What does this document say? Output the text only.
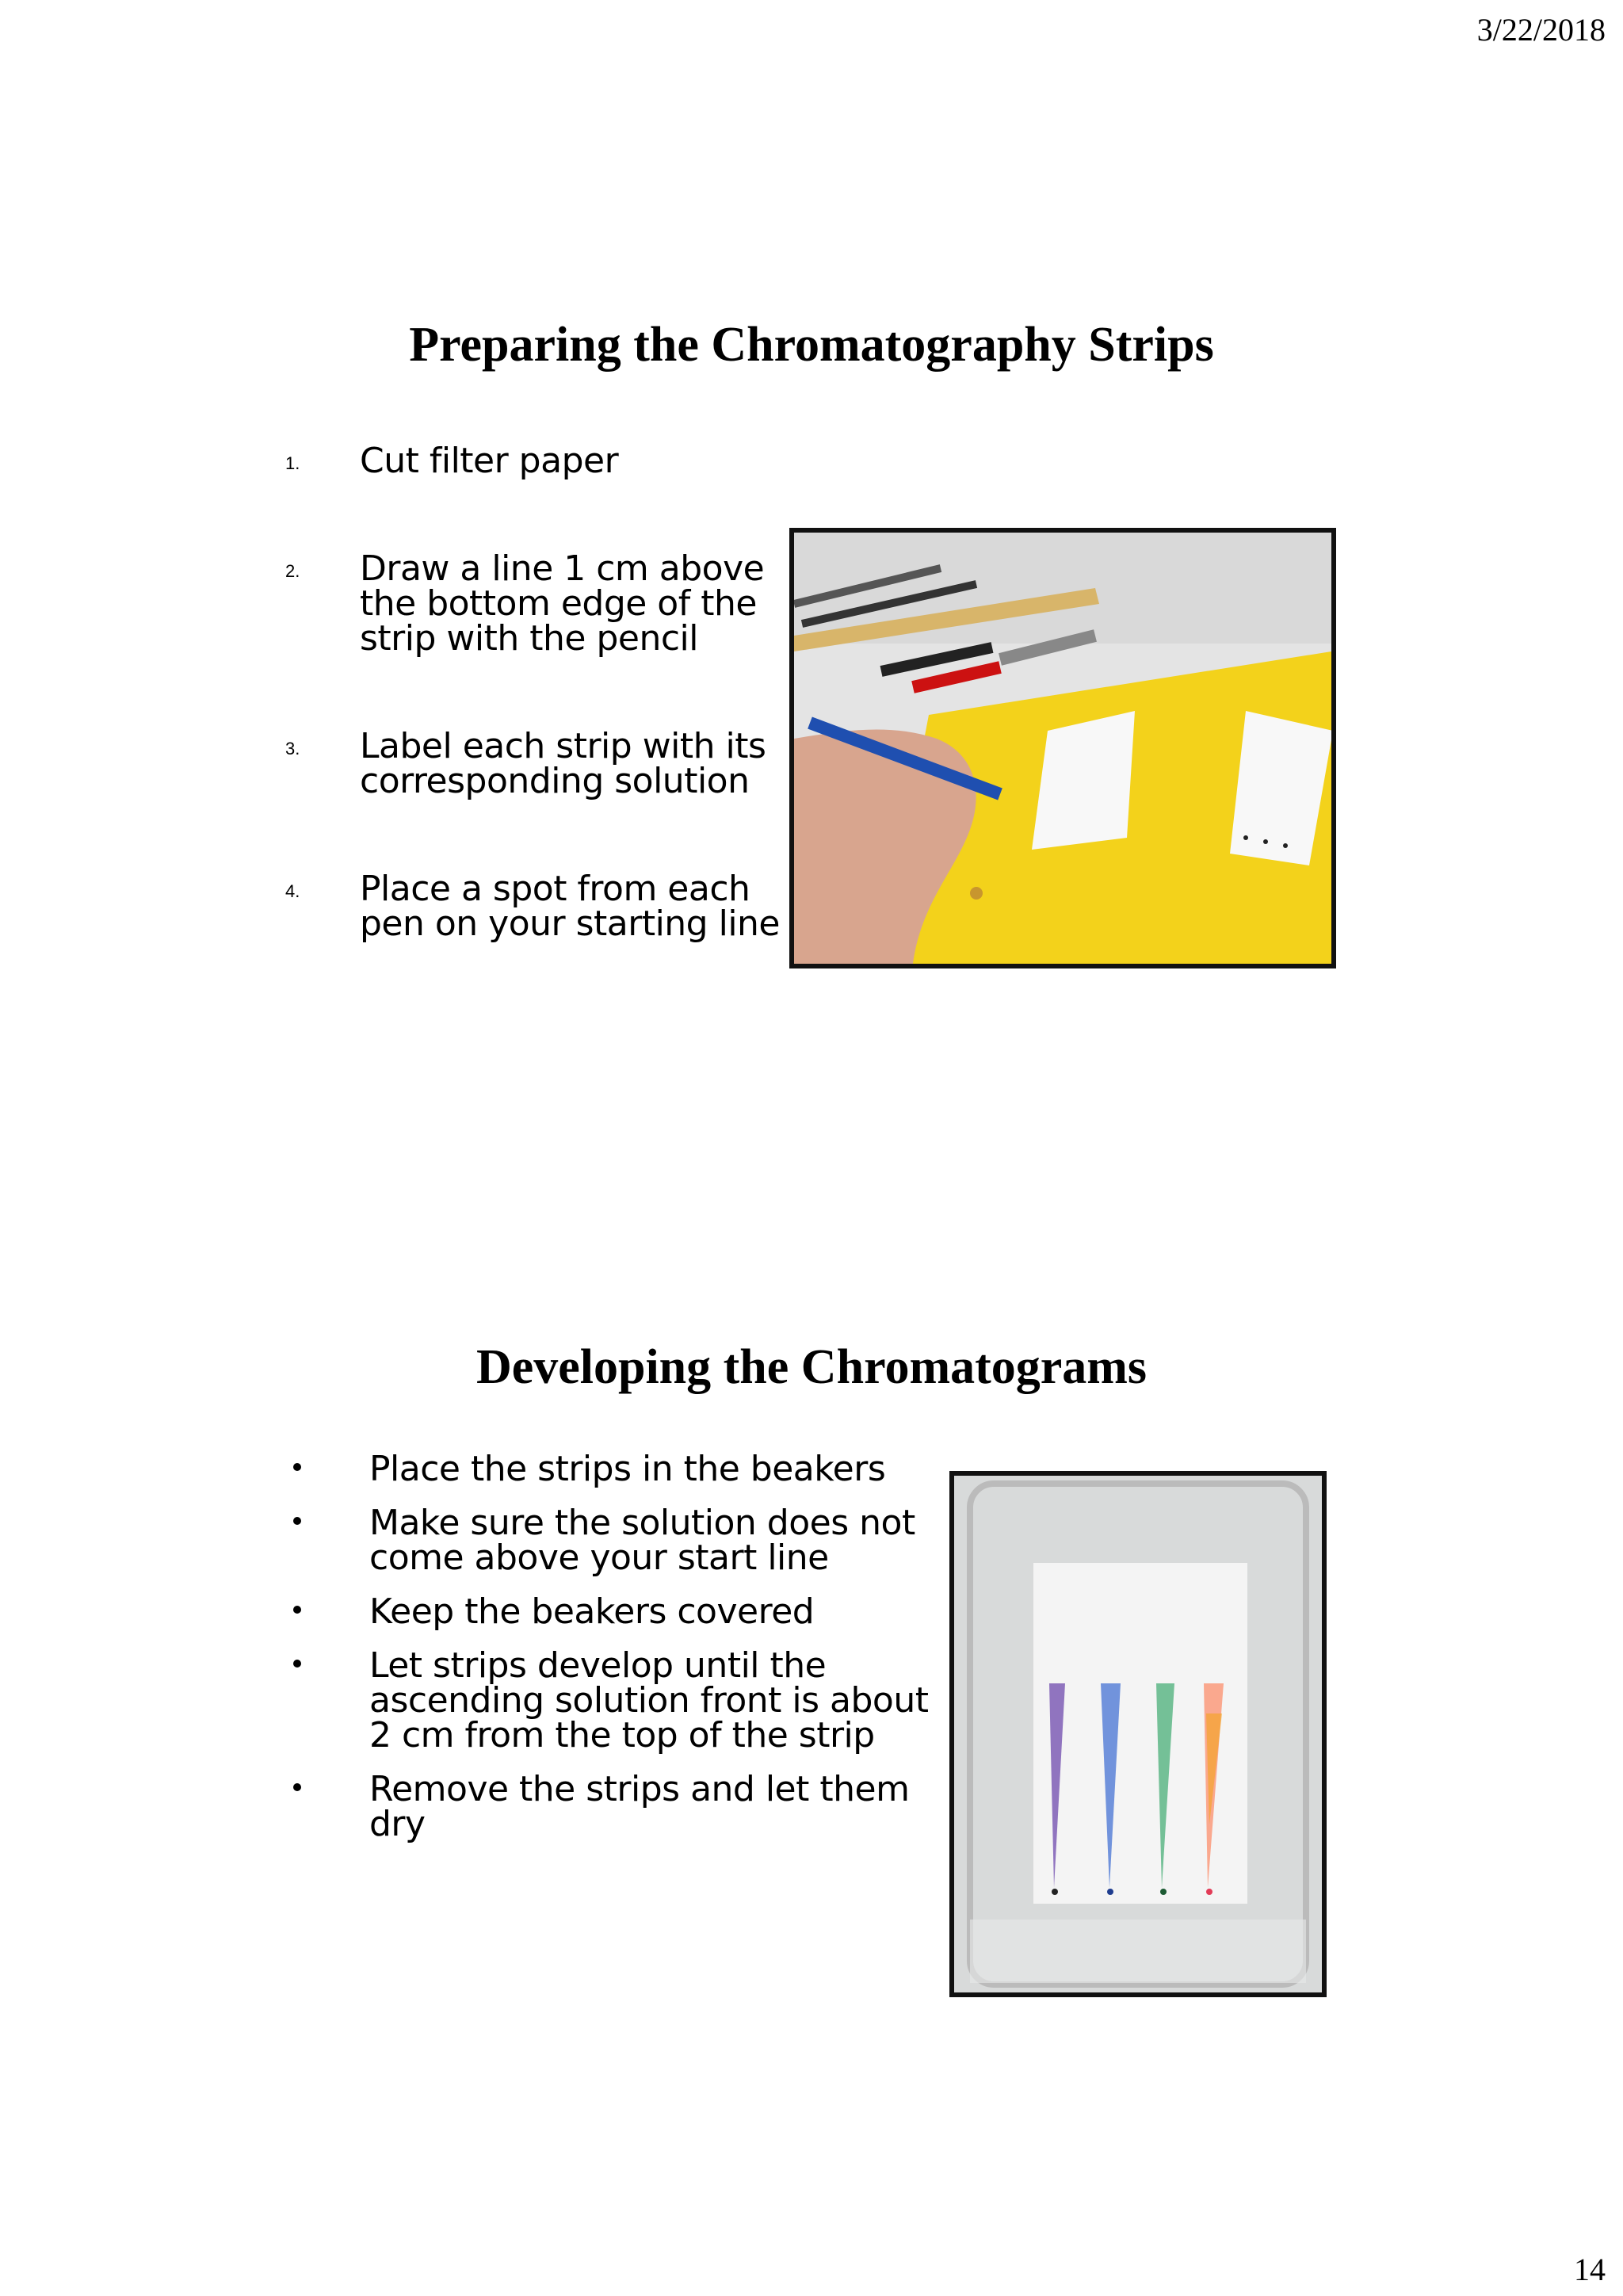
3/22/2018
Preparing the Chromatography Strips
1. Cut filter paper
2. Draw a line 1 cm above the bottom edge of the strip with the pencil
3. Label each strip with its corresponding solution
4. Place a spot from each pen on your starting line
Developing the Chromatograms
Place the strips in the beakers
Make sure the solution does not come above your start line
Keep the beakers covered
Let strips develop until the ascending solution front is about 2 cm from the top of the strip
Remove the strips and let them dry
14
